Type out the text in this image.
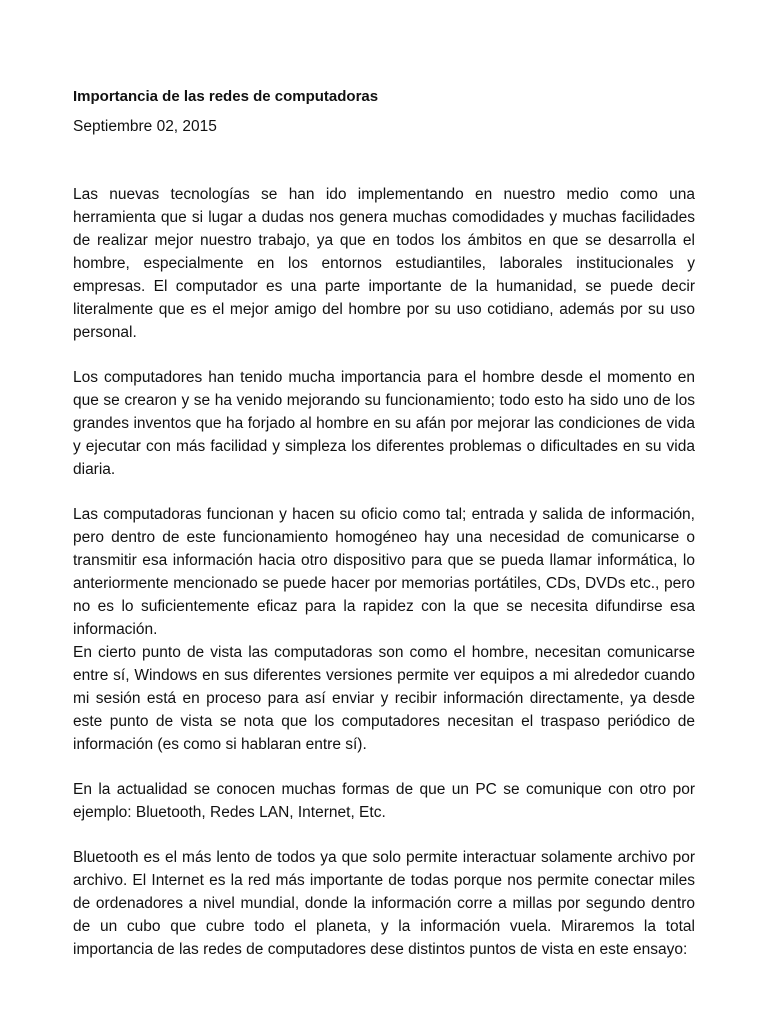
Importancia de las redes de computadoras
Septiembre 02, 2015

Las nuevas tecnologías se han ido implementando en nuestro medio como una herramienta que si lugar a dudas nos genera muchas comodidades y muchas facilidades de realizar mejor nuestro trabajo, ya que en todos los ámbitos en que se desarrolla el hombre, especialmente en los entornos estudiantiles, laborales institucionales y empresas. El computador es una parte importante de la humanidad, se puede decir literalmente que es el mejor amigo del hombre por su uso cotidiano, además por su uso personal.

Los computadores han tenido mucha importancia para el hombre desde el momento en que se crearon y se ha venido mejorando su funcionamiento; todo esto ha sido uno de los grandes inventos que ha forjado al hombre en su afán por mejorar las condiciones de vida y ejecutar con más facilidad y simpleza los diferentes problemas o dificultades en su vida diaria.

Las computadoras funcionan y hacen su oficio como tal; entrada y salida de información, pero dentro de este funcionamiento homogéneo hay una necesidad de comunicarse o transmitir esa información hacia otro dispositivo para que se pueda llamar informática, lo anteriormente mencionado se puede hacer por memorias portátiles, CDs, DVDs etc., pero no es lo suficientemente eficaz para la rapidez con la que se necesita difundirse esa información.

En cierto punto de vista las computadoras son como el hombre, necesitan comunicarse entre sí, Windows en sus diferentes versiones permite ver equipos a mi alrededor cuando mi sesión está en proceso para así enviar y recibir información directamente, ya desde este punto de vista se nota que los computadores necesitan el traspaso periódico de información (es como si hablaran entre sí).

En la actualidad se conocen muchas formas de que un PC se comunique con otro por ejemplo: Bluetooth, Redes LAN, Internet, Etc.

Bluetooth es el más lento de todos ya que solo permite interactuar solamente archivo por archivo. El Internet es la red más importante de todas porque nos permite conectar miles de ordenadores a nivel mundial, donde la información corre a millas por segundo dentro de un cubo que cubre todo el planeta, y la información vuela. Miraremos la total importancia de las redes de computadores dese distintos puntos de vista en este ensayo:
